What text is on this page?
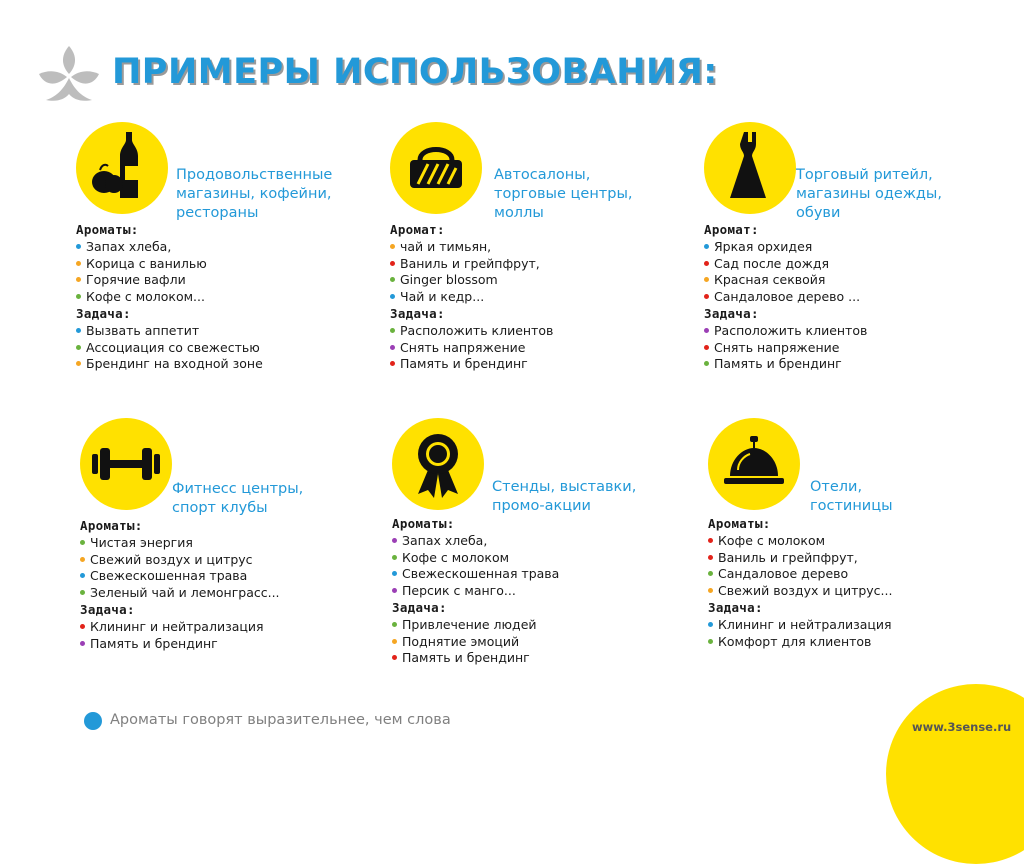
ПРИМЕРЫ ИСПОЛЬЗОВАНИЯ:
Продовольственные
магазины, кофейни,
рестораны
Ароматы:
Запах хлеба,
Корица с ванилью
Горячие вафли
Кофе с молоком...
Задача:
Вызвать аппетит
Ассоциация со свежестью
Брендинг на входной зоне
Автосалоны,
торговые центры,
моллы
Аромат:
чай и тимьян,
Ваниль и грейпфрут,
Ginger blossom
Чай и кедр...
Задача:
Расположить клиентов
Снять напряжение
Память и брендинг
Торговый ритейл,
магазины одежды,
обуви
Аромат:
Яркая орхидея
Сад после дождя
Красная секвойя
Сандаловое дерево ...
Задача:
Расположить клиентов
Снять напряжение
Память и брендинг
Фитнесс центры,
спорт клубы
Ароматы:
Чистая энергия
Свежий воздух и цитрус
Свежескошенная трава
Зеленый чай и лемонграсс...
Задача:
Клининг и нейтрализация
Память и брендинг
Стенды, выставки,
промо-акции
Ароматы:
Запах хлеба,
Кофе с молоком
Свежескошенная трава
Персик с манго...
Задача:
Привлечение людей
Поднятие эмоций
Память и брендинг
Отели,
гостиницы
Ароматы:
Кофе с молоком
Ваниль и грейпфрут,
Сандаловое дерево
Свежий воздух и цитрус...
Задача:
Клининг и нейтрализация
Комфорт для клиентов
Ароматы говорят выразительнее, чем слова	www.3sense.ru
